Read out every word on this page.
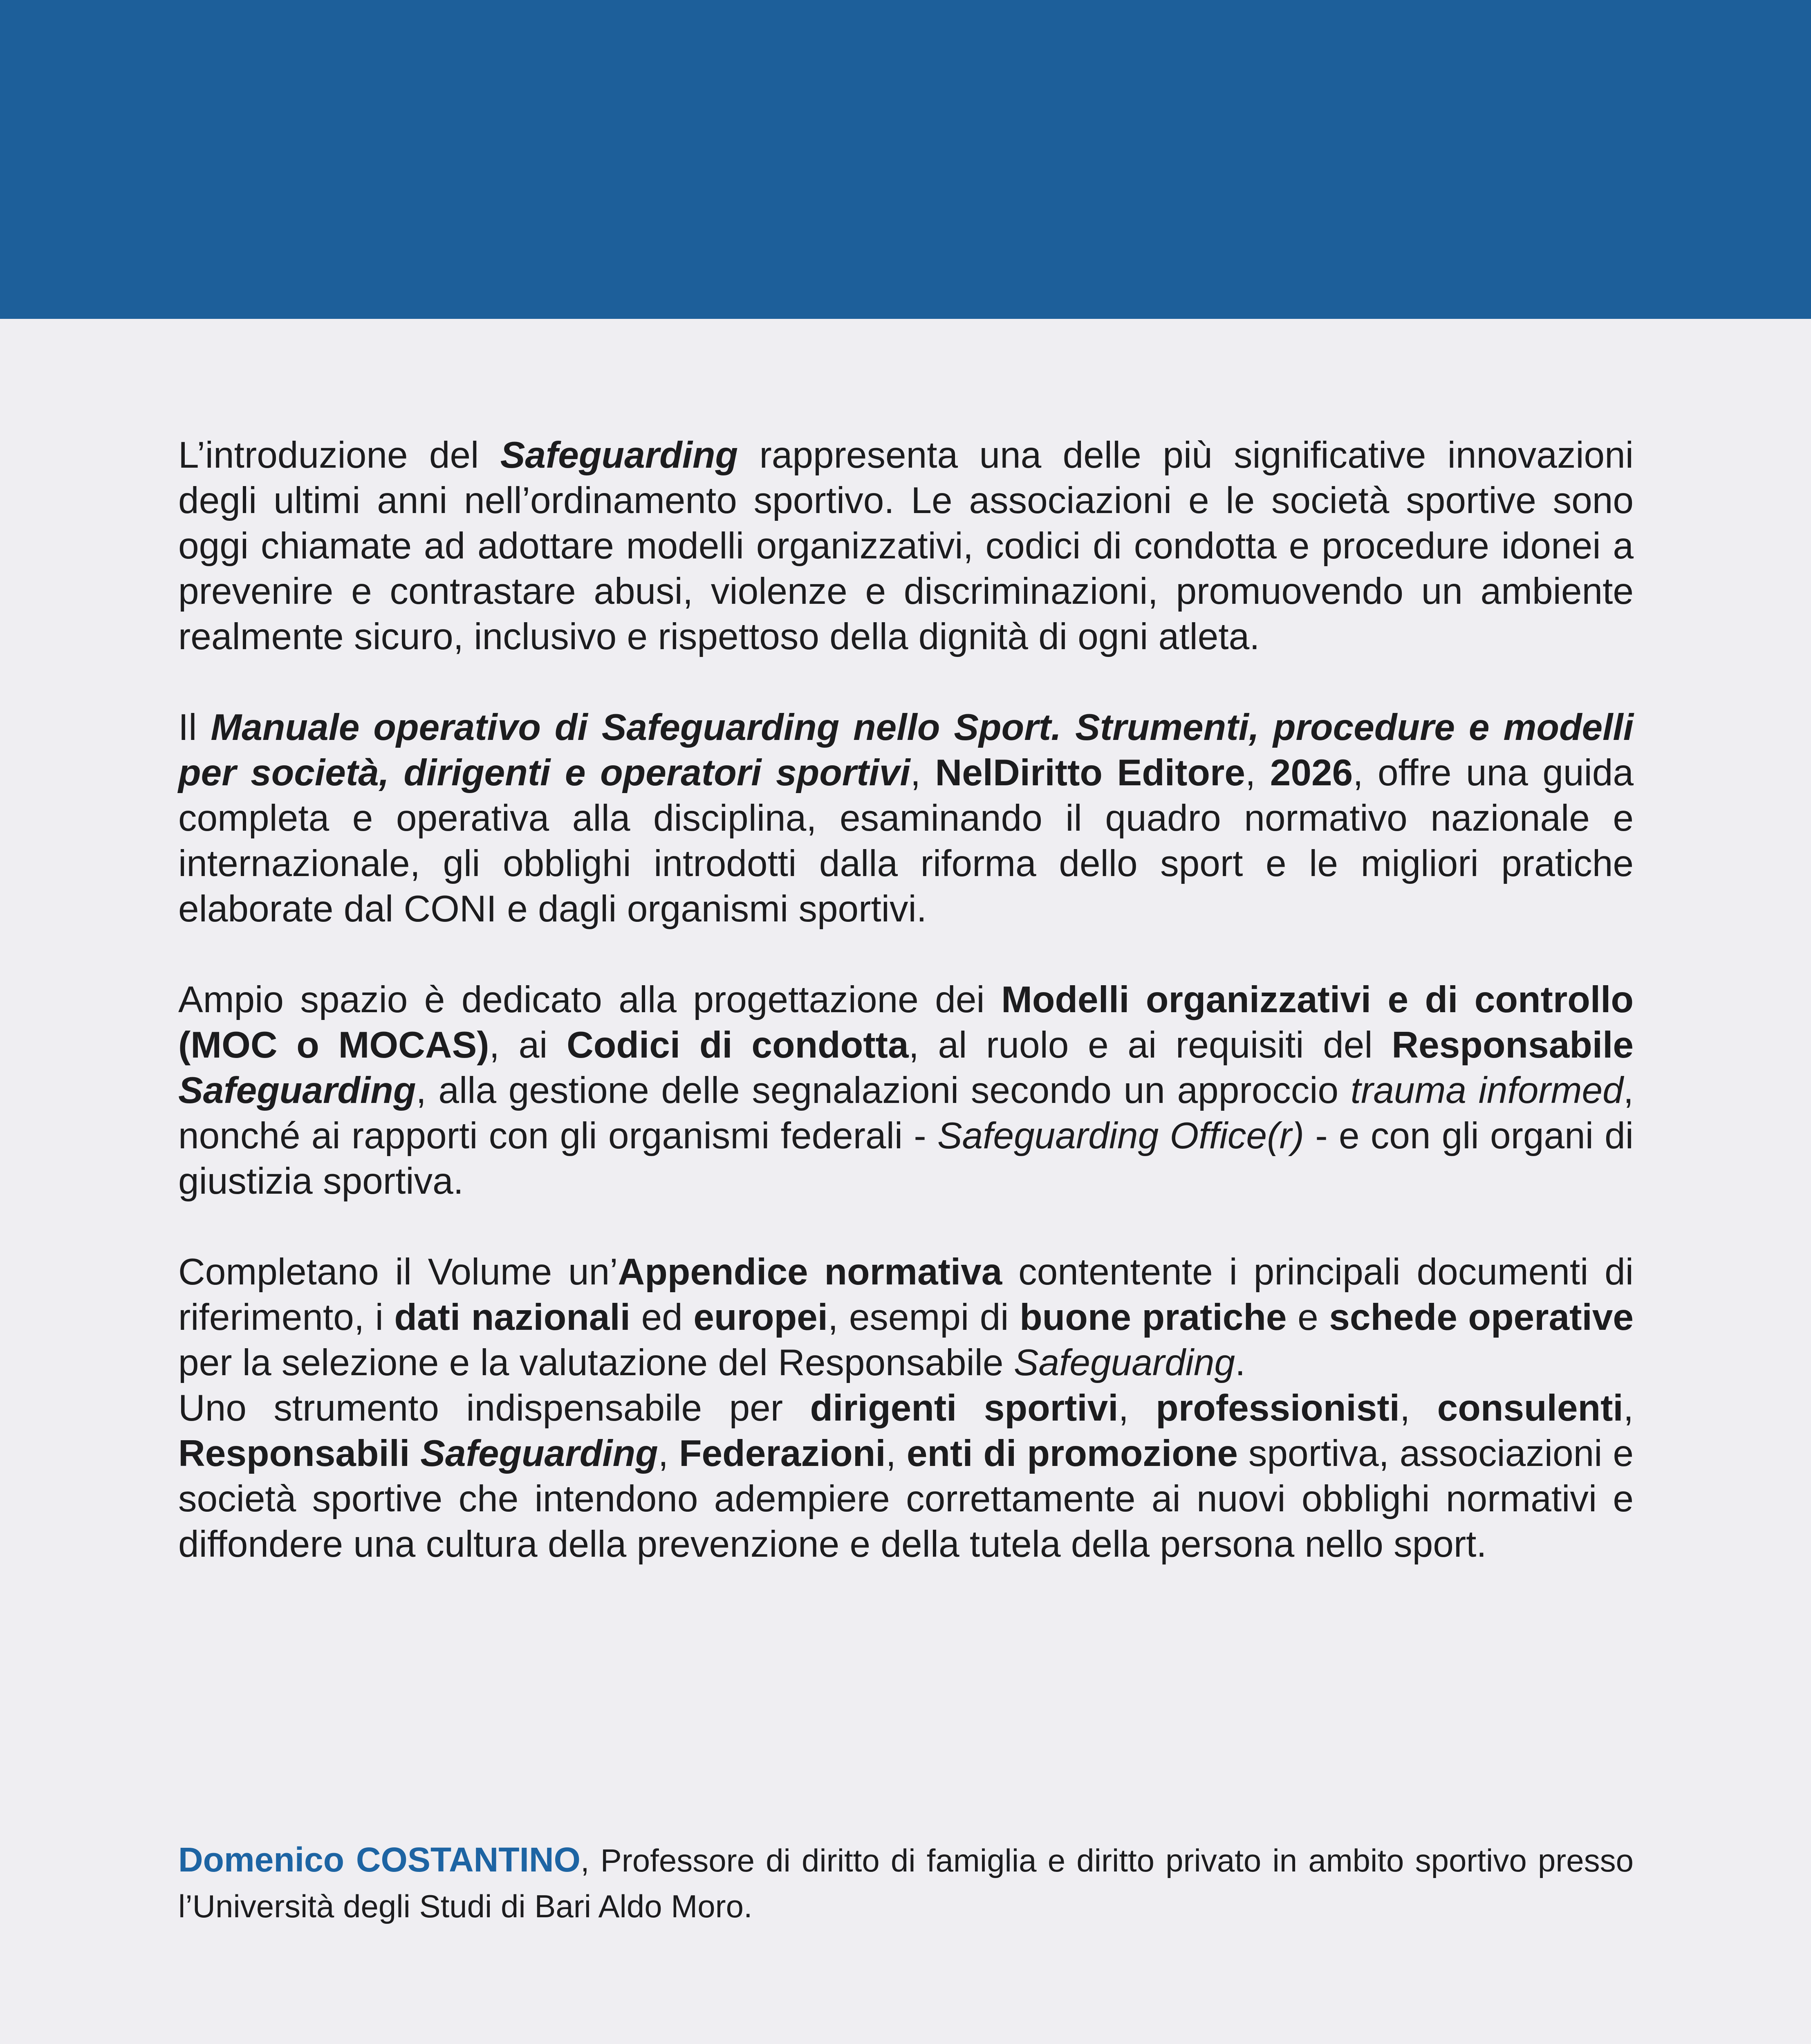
L’introduzione del Safeguarding rappresenta una delle più significative innovazioni degli ultimi anni nell’ordinamento sportivo. Le associazioni e le società sportive sono oggi chiamate ad adottare modelli organizzativi, codici di condotta e procedure idonei a prevenire e contrastare abusi, violenze e discriminazioni, promuovendo un ambiente realmente sicuro, inclusivo e rispettoso della dignità di ogni atleta.

Il Manuale operativo di Safeguarding nello Sport. Strumenti, procedure e modelli per società, dirigenti e operatori sportivi, NelDiritto Editore, 2026, offre una guida completa e operativa alla disciplina, esaminando il quadro normativo nazionale e internazionale, gli obblighi introdotti dalla riforma dello sport e le migliori pratiche elaborate dal CONI e dagli organismi sportivi.

Ampio spazio è dedicato alla progettazione dei Modelli organizzativi e di controllo (MOC o MOCAS), ai Codici di condotta, al ruolo e ai requisiti del Responsabile Safeguarding, alla gestione delle segnalazioni secondo un approccio trauma informed, nonché ai rapporti con gli organismi federali - Safeguarding Office(r) - e con gli organi di giustizia sportiva.

Completano il Volume un’Appendice normativa contentente i principali documenti di riferimento, i dati nazionali ed europei, esempi di buone pratiche e schede operative per la selezione e la valutazione del Responsabile Safeguarding.

Uno strumento indispensabile per dirigenti sportivi, professionisti, consulenti, Responsabili Safeguarding, Federazioni, enti di promozione sportiva, associazioni e società sportive che intendono adempiere correttamente ai nuovi obblighi normativi e diffondere una cultura della prevenzione e della tutela della persona nello sport.

Domenico COSTANTINO, Professore di diritto di famiglia e diritto privato in ambito sportivo presso l’Università degli Studi di Bari Aldo Moro.
